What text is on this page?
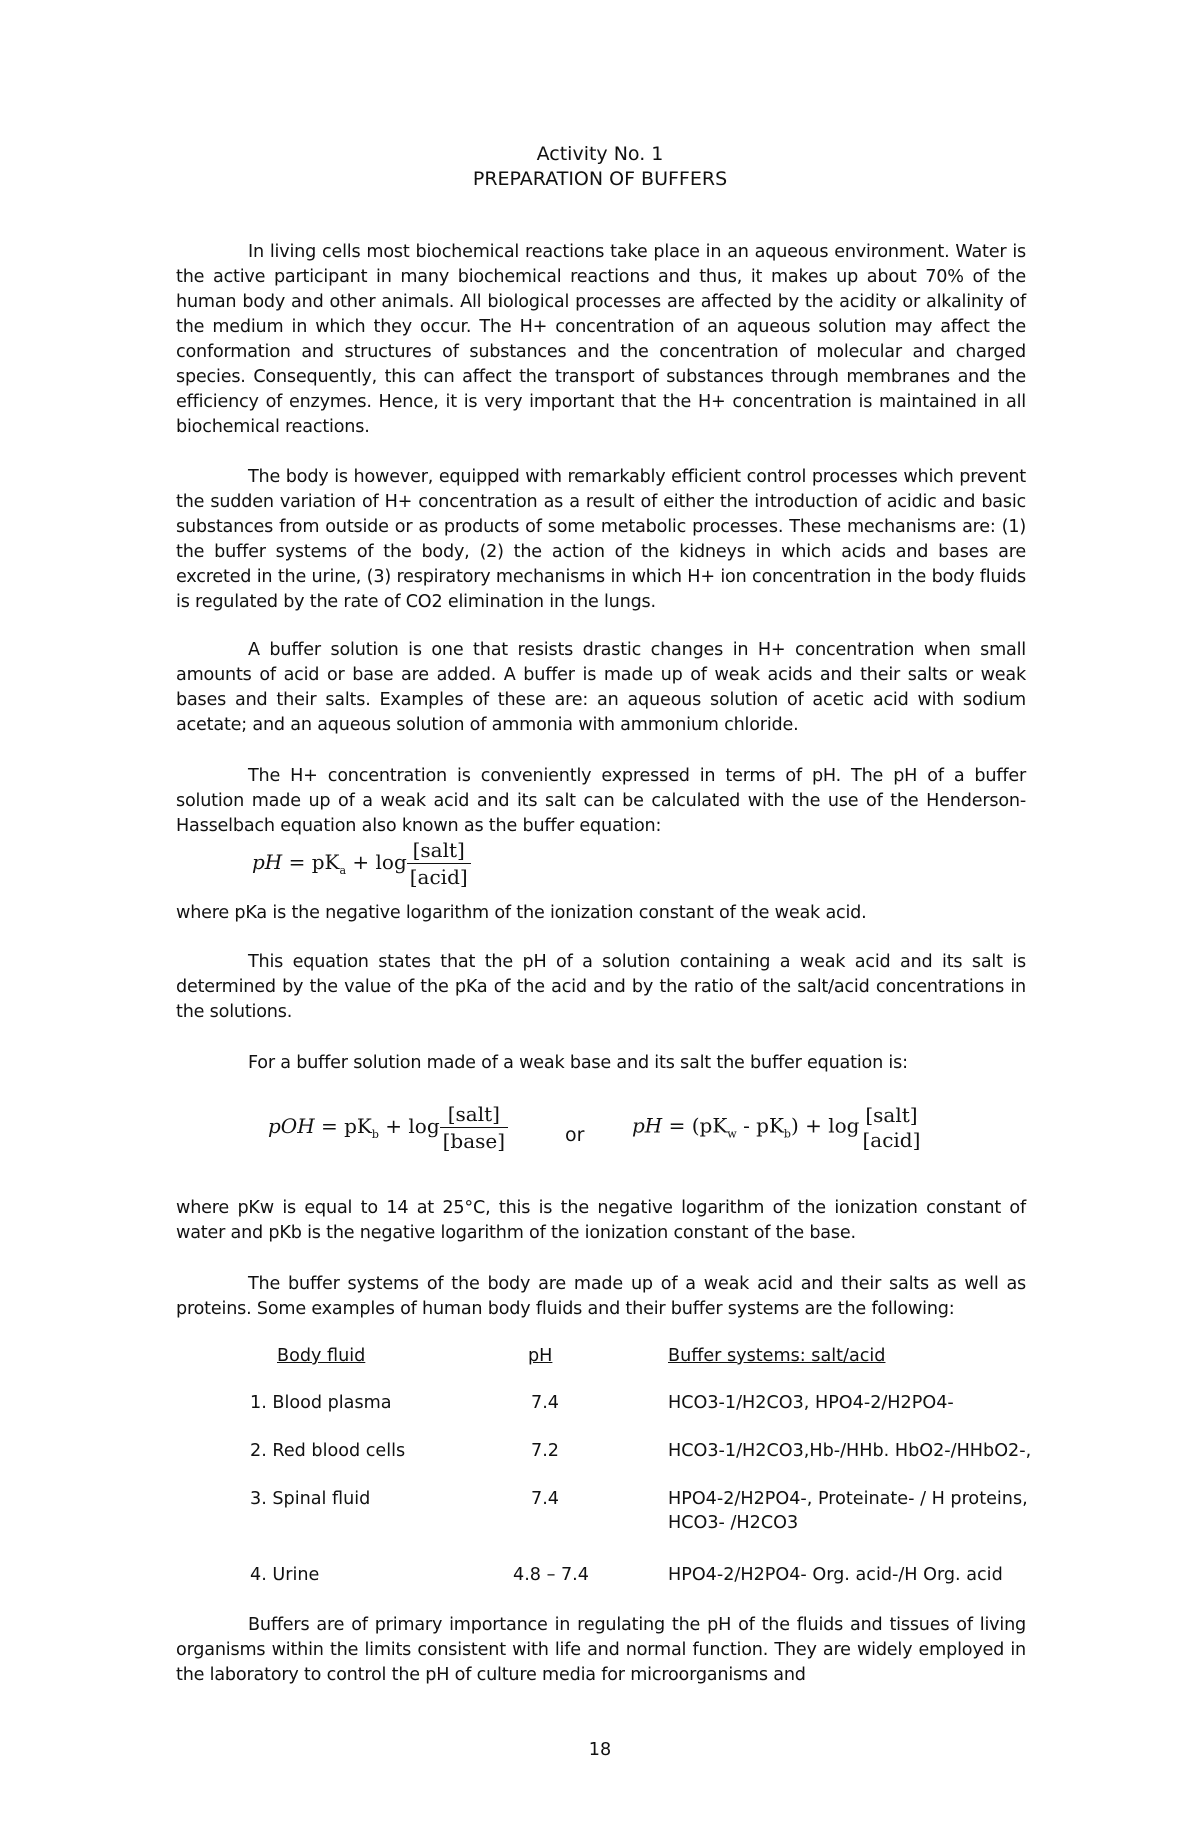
Activity No. 1
PREPARATION OF BUFFERS

In living cells most biochemical reactions take place in an aqueous environment. Water is the active participant in many biochemical reactions and thus, it makes up about 70% of the human body and other animals. All biological processes are affected by the acidity or alkalinity of the medium in which they occur. The H+ concentration of an aqueous solution may affect the conformation and structures of substances and the concentration of molecular and charged species. Consequently, this can affect the transport of substances through membranes and the efficiency of enzymes. Hence, it is very important that the H+ concentration is maintained in all biochemical reactions.

The body is however, equipped with remarkably efficient control processes which prevent the sudden variation of H+ concentration as a result of either the introduction of acidic and basic substances from outside or as products of some metabolic processes. These mechanisms are: (1) the buffer systems of the body, (2) the action of the kidneys in which acids and bases are excreted in the urine, (3) respiratory mechanisms in which H+ ion concentration in the body fluids is regulated by the rate of CO2 elimination in the lungs.

A buffer solution is one that resists drastic changes in H+ concentration when small amounts of acid or base are added. A buffer is made up of weak acids and their salts or weak bases and their salts. Examples of these are: an aqueous solution of acetic acid with sodium acetate; and an aqueous solution of ammonia with ammonium chloride.

The H+ concentration is conveniently expressed in terms of pH. The pH of a buffer solution made up of a weak acid and its salt can be calculated with the use of the Henderson-Hasselbach equation also known as the buffer equation:

pH = $pK_a + \log \frac{\text{[salt]}}{\text{[acid]}}$

where pKa is the negative logarithm of the ionization constant of the weak acid.

This equation states that the pH of a solution containing a weak acid and its salt is determined by the value of the pKa of the acid and by the ratio of the salt/acid concentrations in the solutions.

For a buffer solution made of a weak base and its salt the buffer equation is:

pOH = $pK_b + \log \frac{\text{[salt]}}{\text{[base]}}$	or pH = $(pK_w - pK_b) + \log$ [salt]
[acid]

where pKw is equal to 14 at 25°C, this is the negative logarithm of the ionization constant of water and pKb is the negative logarithm of the ionization constant of the base.

The buffer systems of the body are made up of a weak acid and their salts as well as proteins. Some examples of human body fluids and their buffer systems are the following:

Body fluid	pH	Buffer systems: salt/acid
1. Blood plasma	7.4	HCO3-1/H2CO3, HPO4-2/H2PO4-
2. Red blood cells	7.2	HCO3-1/H2CO3,Hb-/HHb. HbO2-/HHbO2-,
3. Spinal fluid	7.4	HPO4-2/H2PO4-, Proteinate- / H proteins,
HCO3- /H2CO3
4. Urine	4.8 – 7.4	HPO4-2/H2PO4- Org. acid-/H Org. acid

Buffers are of primary importance in regulating the pH of the fluids and tissues of living organisms within the limits consistent with life and normal function. They are widely employed in the laboratory to control the pH of culture media for microorganisms and

18
